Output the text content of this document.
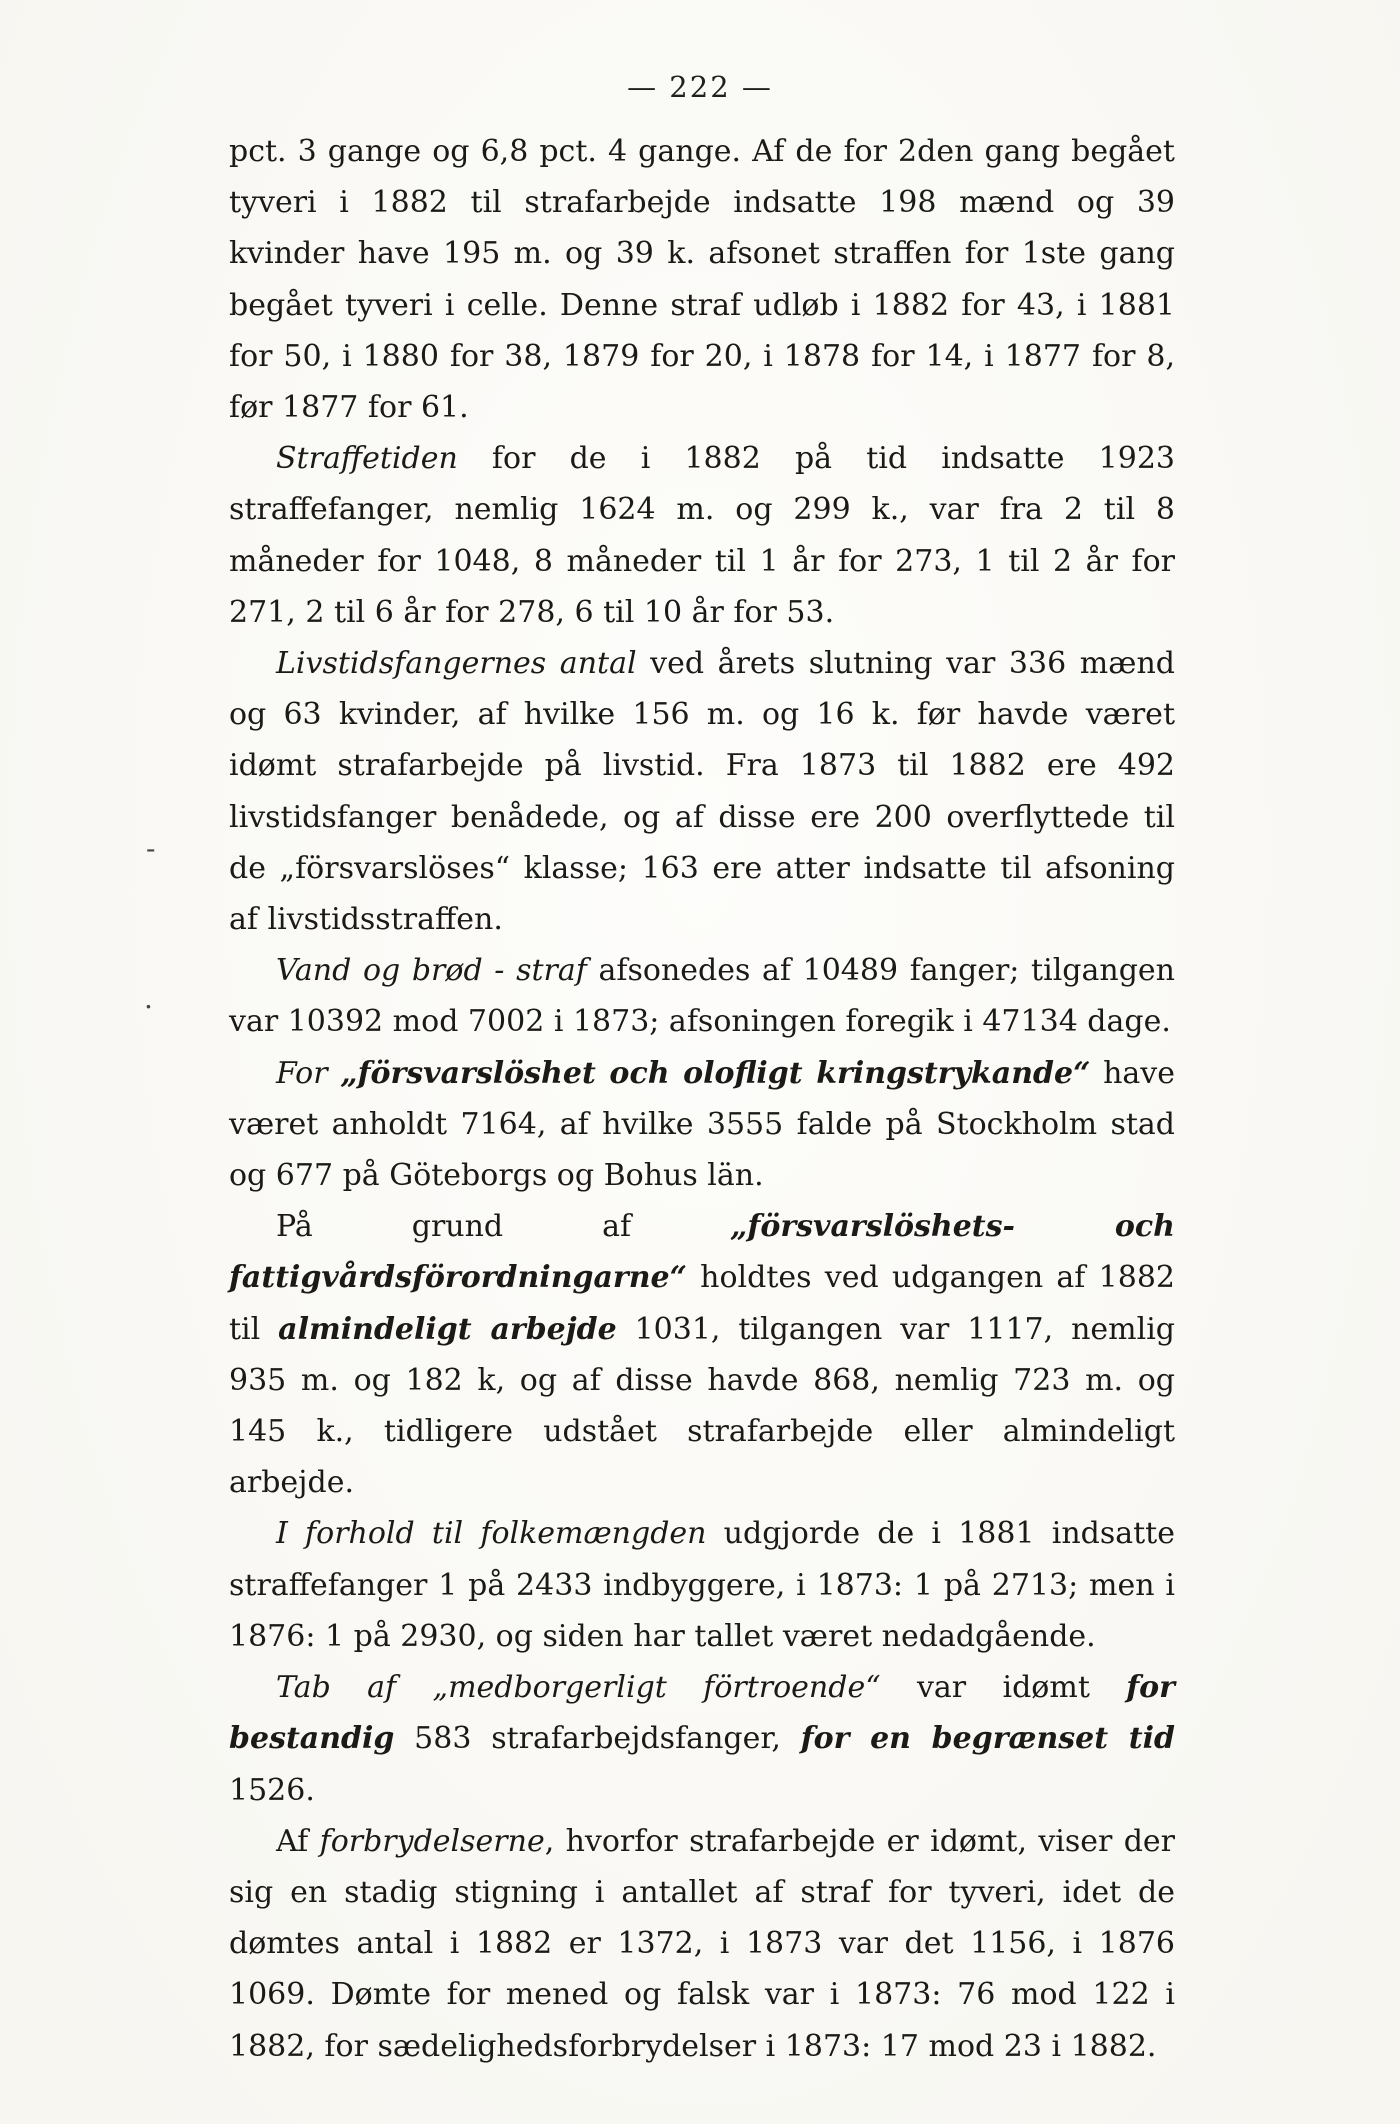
— 222 —
-
.

pct. 3 gange og 6,8 pct. 4 gange. Af de for 2den gang begået tyveri i 1882 til strafarbejde indsatte 198 mænd og 39 kvinder have 195 m. og 39 k. afsonet straffen for 1ste gang begået tyveri i celle. Denne straf udløb i 1882 for 43, i 1881 for 50, i 1880 for 38, 1879 for 20, i 1878 for 14, i 1877 for 8, før 1877 for 61.

Straffetiden for de i 1882 på tid indsatte 1923 straffefanger, nemlig 1624 m. og 299 k., var fra 2 til 8 måneder for 1048, 8 måneder til 1 år for 273, 1 til 2 år for 271, 2 til 6 år for 278, 6 til 10 år for 53.

Livstidsfangernes antal ved årets slutning var 336 mænd og 63 kvinder, af hvilke 156 m. og 16 k. før havde været idømt strafarbejde på livstid. Fra 1873 til 1882 ere 492 livstidsfanger benådede, og af disse ere 200 overflyttede til de „försvarslöses“ klasse; 163 ere atter indsatte til afsoning af livstidsstraffen.

Vand og brød - straf afsonedes af 10489 fanger; tilgangen var 10392 mod 7002 i 1873; afsoningen foregik i 47134 dage.

For „försvarslöshet och olofligt kringstrykande“ have været anholdt 7164, af hvilke 3555 falde på Stockholm stad og 677 på Göteborgs og Bohus län.

På grund af „försvarslöshets- och fattigvårdsförordningarne“ holdtes ved udgangen af 1882 til almindeligt arbejde 1031, tilgangen var 1117, nemlig 935 m. og 182 k, og af disse havde 868, nemlig 723 m. og 145 k., tidligere udstået strafarbejde eller almindeligt arbejde.

I forhold til folkemængden udgjorde de i 1881 indsatte straffefanger 1 på 2433 indbyggere, i 1873: 1 på 2713; men i 1876: 1 på 2930, og siden har tallet været nedadgående.

Tab af „medborgerligt förtroende“ var idømt for bestandig 583 strafarbejdsfanger, for en begrænset tid 1526.

Af forbrydelserne, hvorfor strafarbejde er idømt, viser der sig en stadig stigning i antallet af straf for tyveri, idet de dømtes antal i 1882 er 1372, i 1873 var det 1156, i 1876 1069. Dømte for mened og falsk var i 1873: 76 mod 122 i 1882, for sædelighedsforbrydelser i 1873: 17 mod 23 i 1882.
